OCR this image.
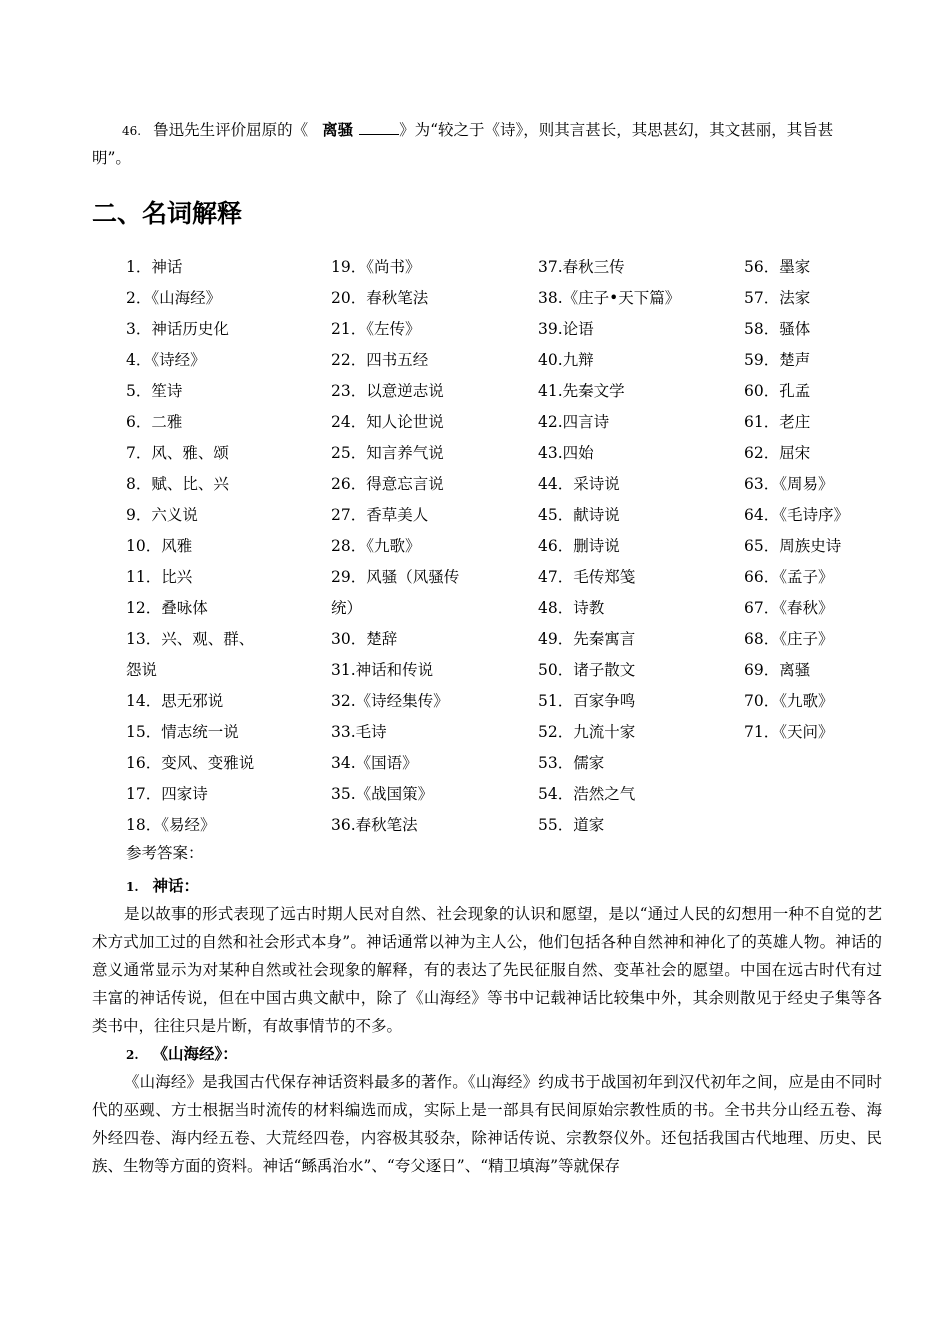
46. 鲁迅先生评价屈原的《 离骚	》为“较之于《诗》，则其言甚长，其思甚幻，其文甚丽，其旨甚明”。
二、名词解释
1．神话
2．《山海经》
3．神话历史化
4．《诗经》
5．笙诗
6．二雅
7．风、雅、颂
8．赋、比、兴
9．六义说
10．风雅
11．比兴
12．叠咏体
13．兴、观、群、
怨说
14．思无邪说
15．情志统一说
16．变风、变雅说
17．四家诗
18．《易经》
19．《尚书》
20．春秋笔法
21．《左传》
22．四书五经
23．以意逆志说
24．知人论世说
25．知言养气说
26．得意忘言说
27．香草美人
28．《九歌》
29．风骚（风骚传
统）
30．楚辞
31.神话和传说
32.《诗经集传》
33.毛诗
34.《国语》
35.《战国策》
36.春秋笔法
37.春秋三传
38.《庄子•天下篇》
39.论语
40.九辩
41.先秦文学
42.四言诗
43.四始
44．采诗说
45．献诗说
46．删诗说
47．毛传郑笺
48．诗教
49．先秦寓言
50．诸子散文
51．百家争鸣
52．九流十家
53．儒家
54．浩然之气
55．道家
56．墨家
57．法家
58．骚体
59．楚声
60．孔孟
61．老庄
62．屈宋
63．《周易》
64．《毛诗序》
65．周族史诗
66．《孟子》
67．《春秋》
68．《庄子》
69．离骚
70．《九歌》
71．《天问》
参考答案：
1. 神话：
是以故事的形式表现了远古时期人民对自然、社会现象的认识和愿望，是以“通过人民的幻想用一种不自觉的艺术方式加工过的自然和社会形式本身”。神话通常以神为主人公，他们包括各种自然神和神化了的英雄人物。神话的意义通常显示为对某种自然或社会现象的解释，有的表达了先民征服自然、变革社会的愿望。中国在远古时代有过丰富的神话传说，但在中国古典文献中，除了《山海经》等书中记载神话比较集中外，其余则散见于经史子集等各类书中，往往只是片断，有故事情节的不多。
2. 《山海经》：
《山海经》是我国古代保存神话资料最多的著作。《山海经》约成书于战国初年到汉代初年之间，应是由不同时代的巫觋、方士根据当时流传的材料编选而成，实际上是一部具有民间原始宗教性质的书。全书共分山经五卷、海外经四卷、海内经五卷、大荒经四卷，内容极其驳杂，除神话传说、宗教祭仪外。还包括我国古代地理、历史、民族、生物等方面的资料。神话“鲧禹治水”、“夸父逐日”、“精卫填海”等就保存
